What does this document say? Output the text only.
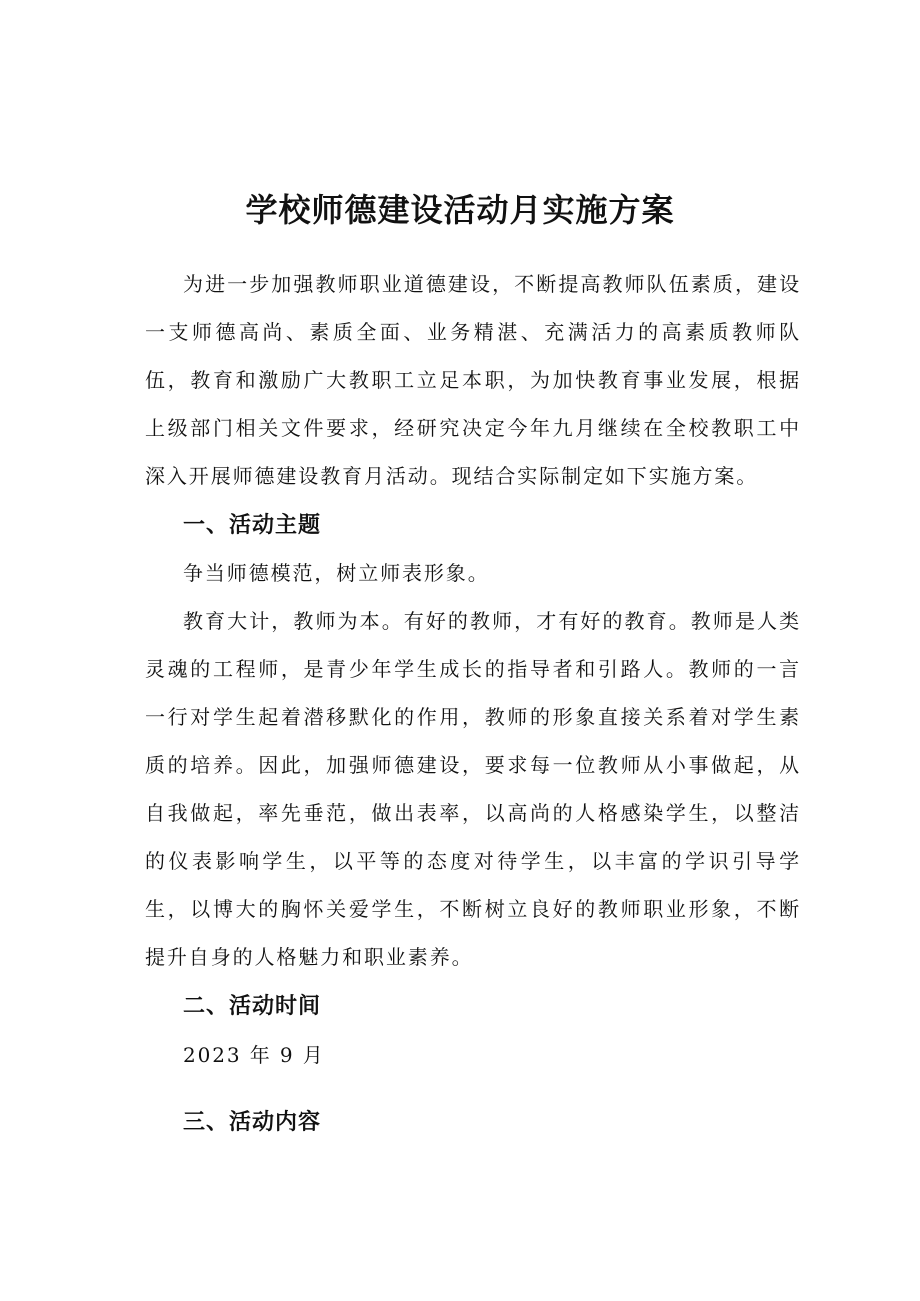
学校师德建设活动月实施方案

为进一步加强教师职业道德建设，不断提高教师队伍素质，建设一支师德高尚、素质全面、业务精湛、充满活力的高素质教师队伍，教育和激励广大教职工立足本职，为加快教育事业发展，根据上级部门相关文件要求，经研究决定今年九月继续在全校教职工中深入开展师德建设教育月活动。现结合实际制定如下实施方案。

一、活动主题

争当师德模范，树立师表形象。

教育大计，教师为本。有好的教师，才有好的教育。教师是人类灵魂的工程师，是青少年学生成长的指导者和引路人。教师的一言一行对学生起着潜移默化的作用，教师的形象直接关系着对学生素质的培养。因此，加强师德建设，要求每一位教师从小事做起，从自我做起，率先垂范，做出表率，以高尚的人格感染学生，以整洁的仪表影响学生，以平等的态度对待学生，以丰富的学识引导学生，以博大的胸怀关爱学生，不断树立良好的教师职业形象，不断提升自身的人格魅力和职业素养。

二、活动时间

2023 年 9 月

三、活动内容
